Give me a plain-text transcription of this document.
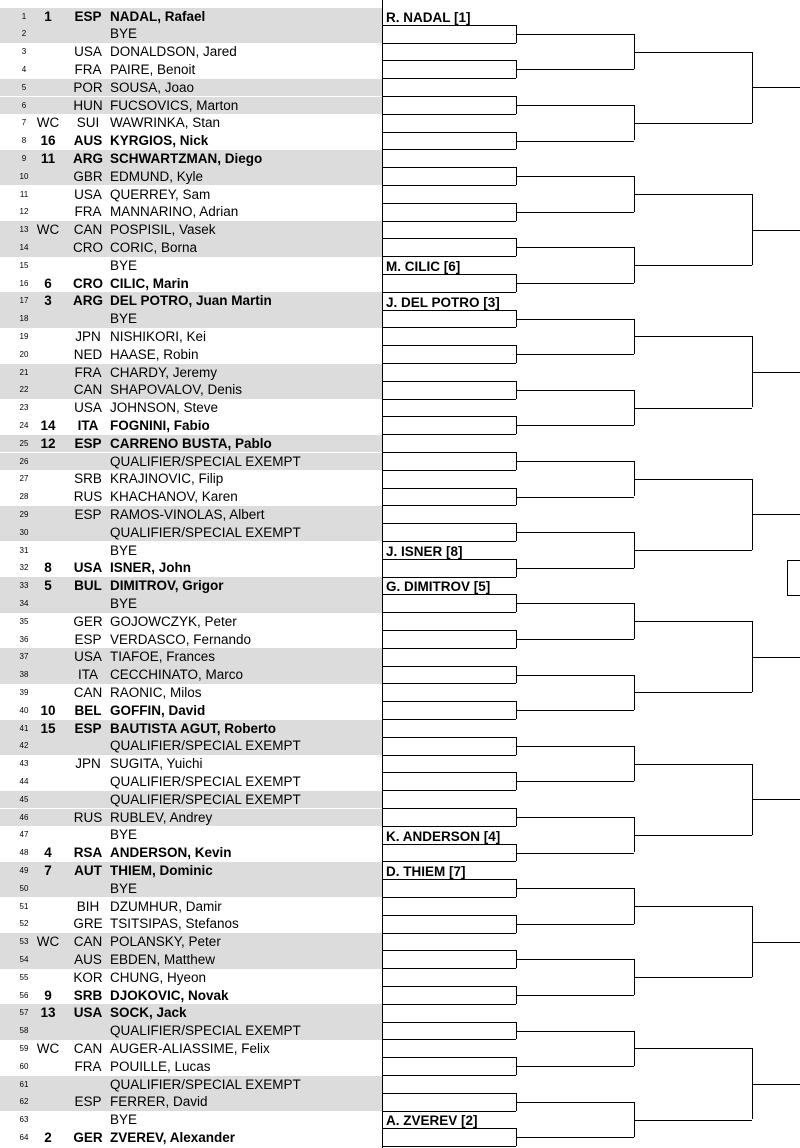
1	1	ESP NADAL, Rafael
2	BYE
3	USA DONALDSON, Jared
4	FRA PAIRE, Benoit
5	POR SOUSA, Joao
6	HUN FUCSOVICS, Marton
7 WC	SUI WAWRINKA, Stan
8	16	AUS KYRGIOS, Nick
9	11	ARG SCHWARTZMAN, Diego
10	GBR EDMUND, Kyle
11	USA QUERREY, Sam
12	FRA MANNARINO, Adrian
13 WC	CAN POSPISIL, Vasek
14	CRO CORIC, Borna
15	BYE
16	6	CRO CILIC, Marin
17	3	ARG DEL POTRO, Juan Martin
18	BYE
19	JPN NISHIKORI, Kei
20	NED HAASE, Robin
21	FRA CHARDY, Jeremy
22	CAN SHAPOVALOV, Denis
23	USA JOHNSON, Steve
24 14	ITA FOGNINI, Fabio
25 12	ESP CARRENO BUSTA, Pablo
26	QUALIFIER/SPECIAL EXEMPT
27	SRB KRAJINOVIC, Filip
28	RUS KHACHANOV, Karen
29	ESP RAMOS-VINOLAS, Albert
30	QUALIFIER/SPECIAL EXEMPT
31	BYE
32	8	USA ISNER, John
33	5	BUL DIMITROV, Grigor
34	BYE
35	GER GOJOWCZYK, Peter
36	ESP VERDASCO, Fernando
37	USA TIAFOE, Frances
38	ITA CECCHINATO, Marco
39	CAN RAONIC, Milos
40 10	BEL GOFFIN, David
41 15	ESP BAUTISTA AGUT, Roberto
42	QUALIFIER/SPECIAL EXEMPT
43	JPN SUGITA, Yuichi
44	QUALIFIER/SPECIAL EXEMPT
45	QUALIFIER/SPECIAL EXEMPT
46	RUS RUBLEV, Andrey
47	BYE
48	4	RSA ANDERSON, Kevin
49	7	AUT THIEM, Dominic
50	BYE
51	BIH DZUMHUR, Damir
52	GRE TSITSIPAS, Stefanos
53 WC	CAN POLANSKY, Peter
54	AUS EBDEN, Matthew
55	KOR CHUNG, Hyeon
56	9	SRB DJOKOVIC, Novak
57 13	USA SOCK, Jack
58	QUALIFIER/SPECIAL EXEMPT
59 WC	CAN AUGER-ALIASSIME, Felix
60	FRA POUILLE, Lucas
61	QUALIFIER/SPECIAL EXEMPT
62	ESP FERRER, David
63	BYE
64	2	GER ZVEREV, Alexander
R. NADAL [1]
M. CILIC [6]
J. DEL POTRO [3]
J. ISNER [8]
G. DIMITROV [5]
K. ANDERSON [4]
D. THIEM [7]
A. ZVEREV [2]
